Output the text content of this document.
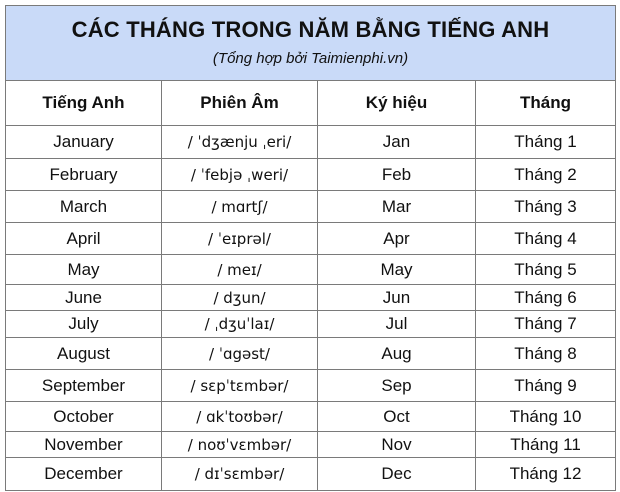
CÁC THÁNG TRONG NĂM BẰNG TIẾNG ANH
(Tổng hợp bởi Taimienphi.vn)			

Tiếng Anh	Phiên Âm	Ký hiệu	Tháng
January	/ ˈdʒænju ˌeri/	Jan	Tháng 1
February	/ ˈfebjə ˌweri/	Feb	Tháng 2
March	/ mɑrtʃ/	Mar	Tháng 3
April	/ ˈeɪprəl/	Apr	Tháng 4
May	/ meɪ/	May	Tháng 5
June	/ dʒun/	Jun	Tháng 6
July	/ ˌdʒuˈlaɪ/	Jul	Tháng 7
August	/ ˈɑgəst/	Aug	Tháng 8
September	/ sɛpˈtɛmbər/	Sep	Tháng 9
October	/ ɑkˈtoʊbər/	Oct	Tháng 10
November	/ noʊˈvɛmbər/	Nov	Tháng 11
December	/ dɪˈsɛmbər/	Dec	Tháng 12
